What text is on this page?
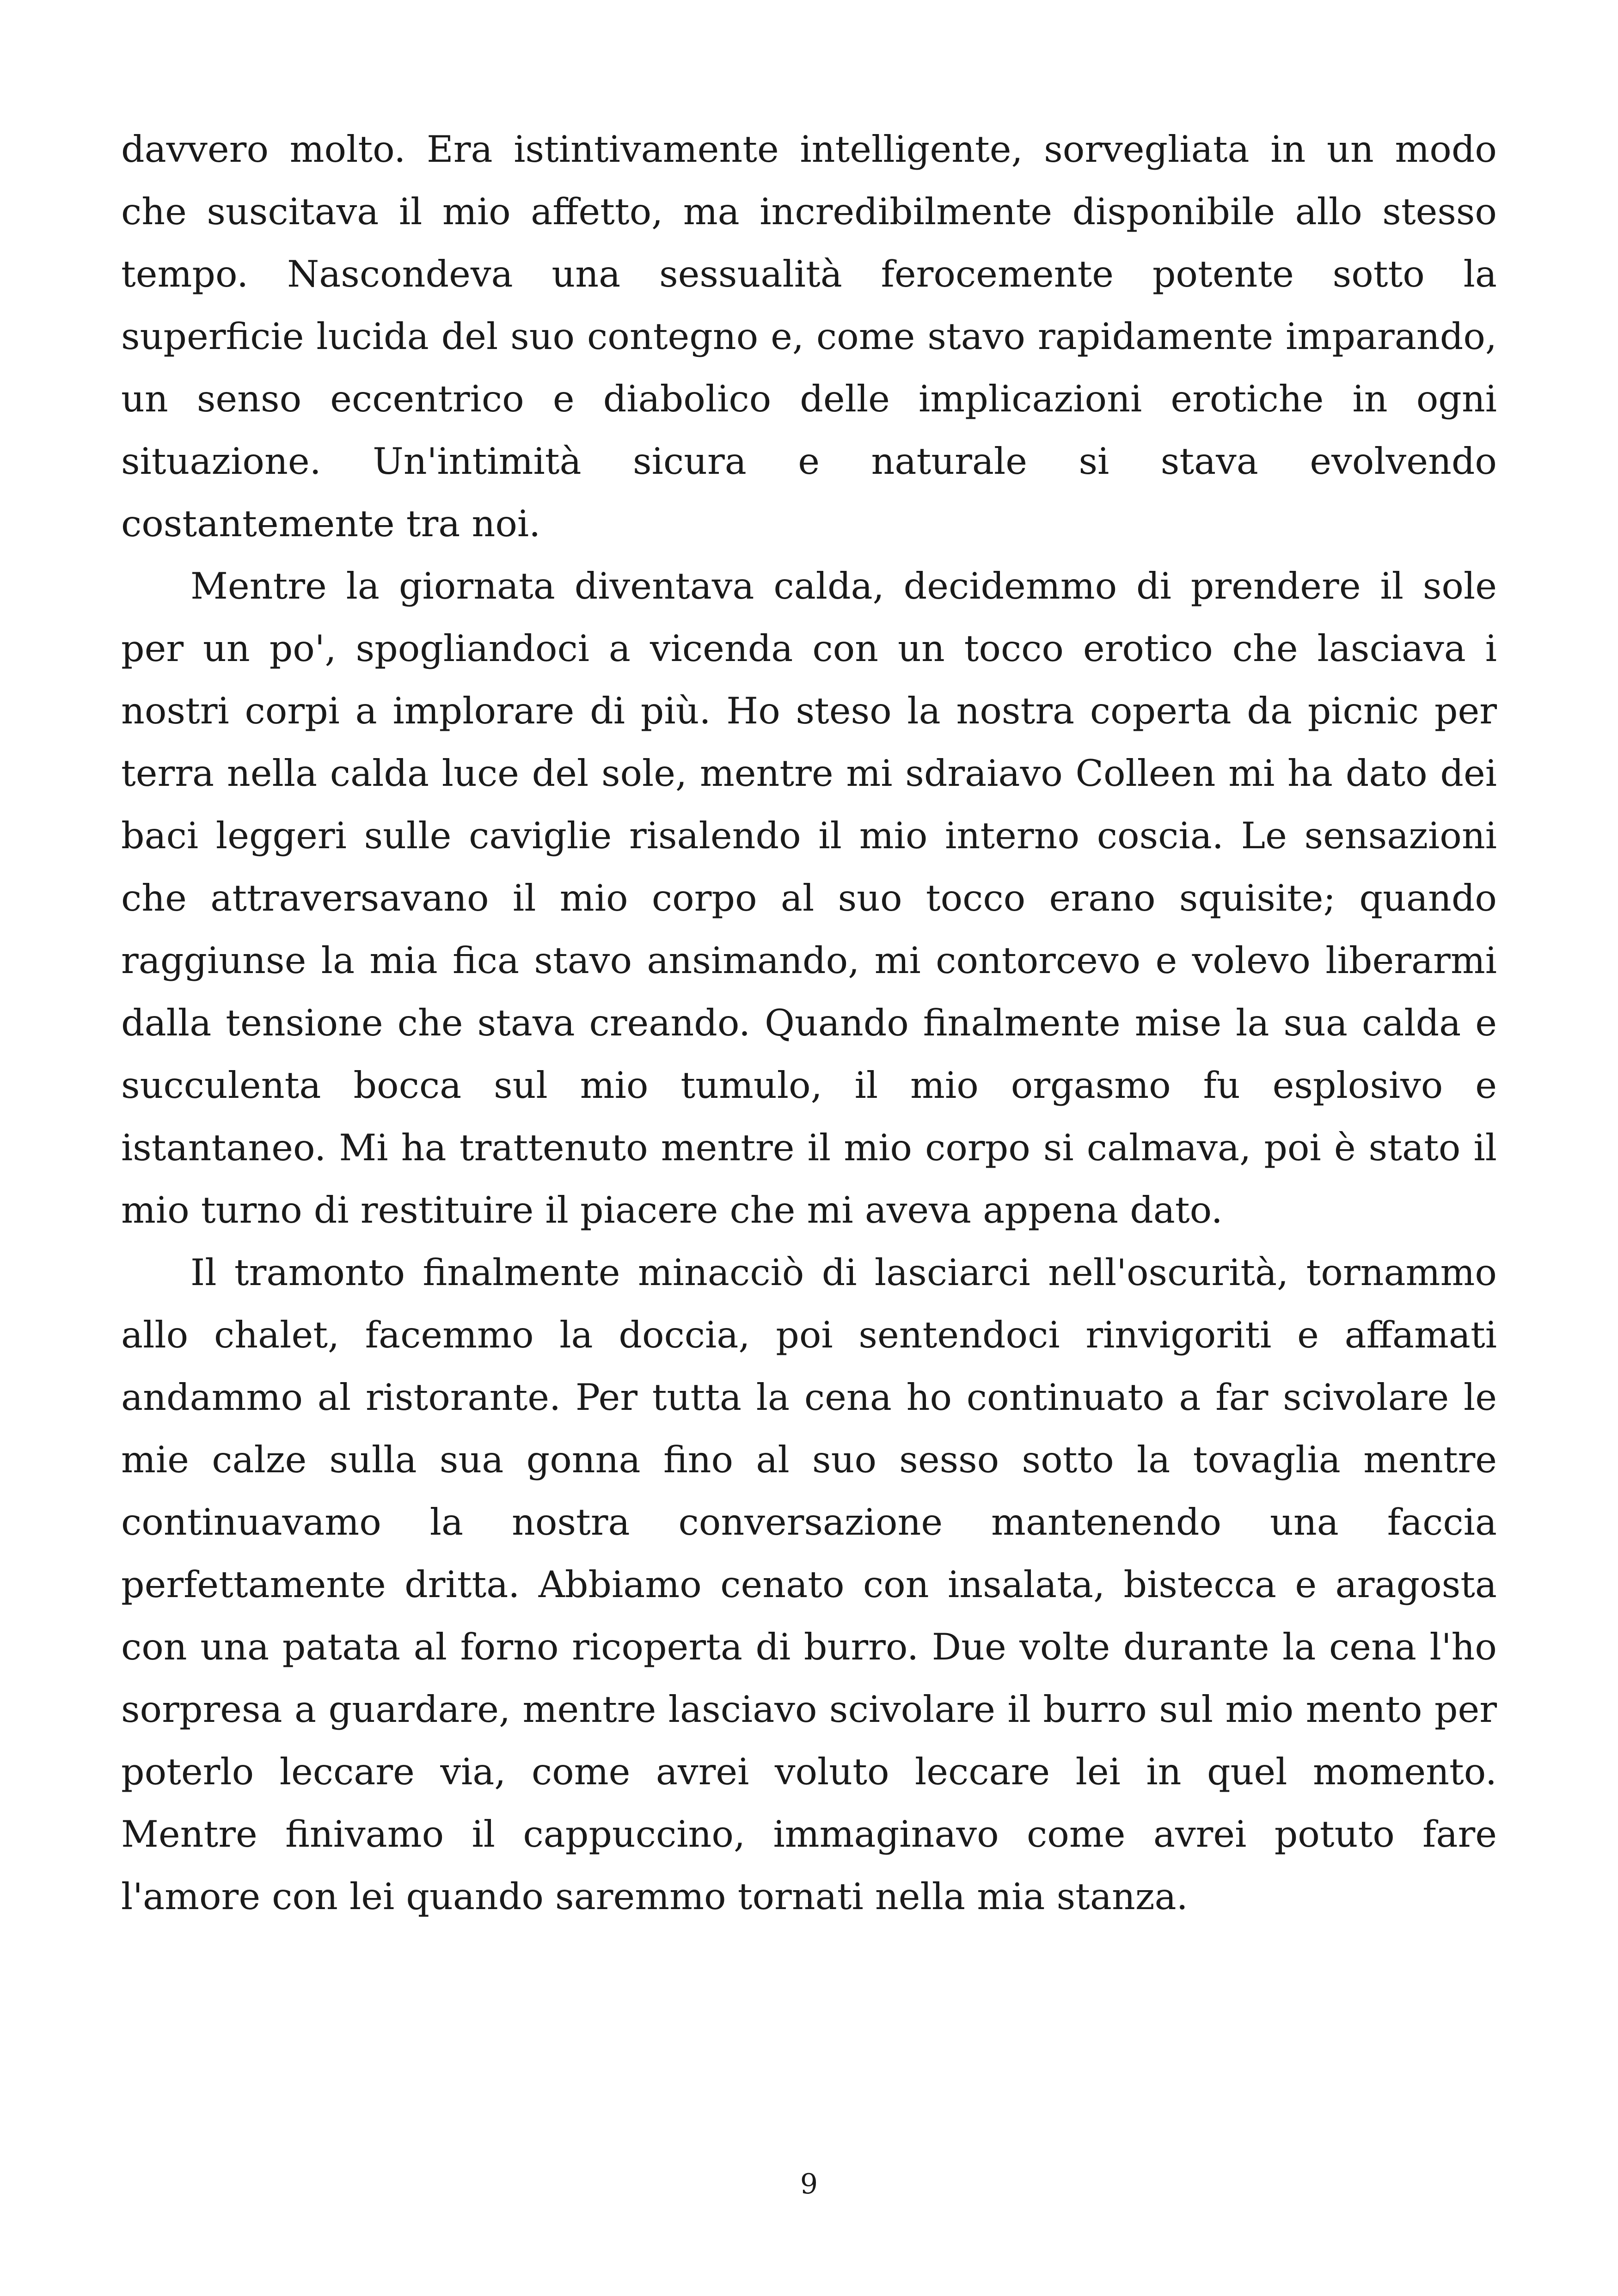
davvero molto. Era istintivamente intelligente, sorvegliata in un modo che suscitava il mio affetto, ma incredibilmente disponibile allo stesso tempo. Nascondeva una sessualità ferocemente potente sotto la superficie lucida del suo contegno e, come stavo rapidamente imparando, un senso eccentrico e diabolico delle implicazioni erotiche in ogni situazione. Un'intimità sicura e naturale si stava evolvendo costantemente tra noi.

Mentre la giornata diventava calda, decidemmo di prendere il sole per un po', spogliandoci a vicenda con un tocco erotico che lasciava i nostri corpi a implorare di più. Ho steso la nostra coperta da picnic per terra nella calda luce del sole, mentre mi sdraiavo Colleen mi ha dato dei baci leggeri sulle caviglie risalendo il mio interno coscia. Le sensazioni che attraversavano il mio corpo al suo tocco erano squisite; quando raggiunse la mia fica stavo ansimando, mi contorcevo e volevo liberarmi dalla tensione che stava creando. Quando finalmente mise la sua calda e succulenta bocca sul mio tumulo, il mio orgasmo fu esplosivo e istantaneo. Mi ha trattenuto mentre il mio corpo si calmava, poi è stato il mio turno di restituire il piacere che mi aveva appena dato.

Il tramonto finalmente minacciò di lasciarci nell'oscurità, tornammo allo chalet, facemmo la doccia, poi sentendoci rinvigoriti e affamati andammo al ristorante. Per tutta la cena ho continuato a far scivolare le mie calze sulla sua gonna fino al suo sesso sotto la tovaglia mentre continuavamo la nostra conversazione mantenendo una faccia perfettamente dritta. Abbiamo cenato con insalata, bistecca e aragosta con una patata al forno ricoperta di burro. Due volte durante la cena l'ho sorpresa a guardare, mentre lasciavo scivolare il burro sul mio mento per poterlo leccare via, come avrei voluto leccare lei in quel momento. Mentre finivamo il cappuccino, immaginavo come avrei potuto fare l'amore con lei quando saremmo tornati nella mia stanza.

9
